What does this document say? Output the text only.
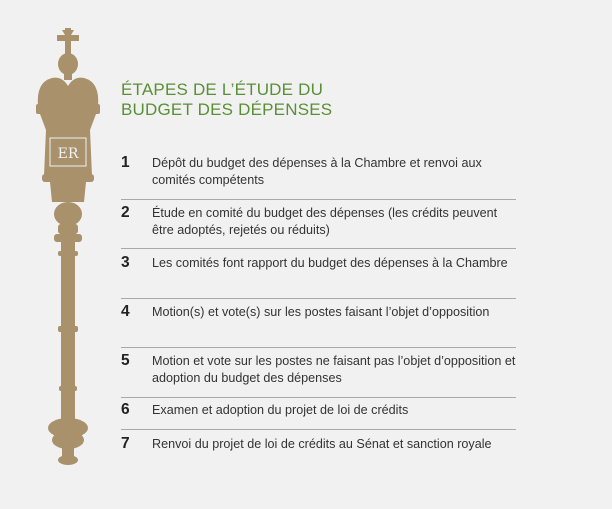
ER
ÉTAPES DE L’ÉTUDE DU
BUDGET DES DÉPENSES
1 Dépôt du budget des dépenses à la Chambre et renvoi aux comités compétents
2 Étude en comité du budget des dépenses (les crédits peuvent être adoptés, rejetés ou réduits)
3 Les comités font rapport du budget des dépenses à la Chambre
4 Motion(s) et vote(s) sur les postes faisant l’objet d’opposition
5 Motion et vote sur les postes ne faisant pas l’objet d’opposition et adoption du budget des dépenses
6 Examen et adoption du projet de loi de crédits
7 Renvoi du projet de loi de crédits au Sénat et sanction royale
